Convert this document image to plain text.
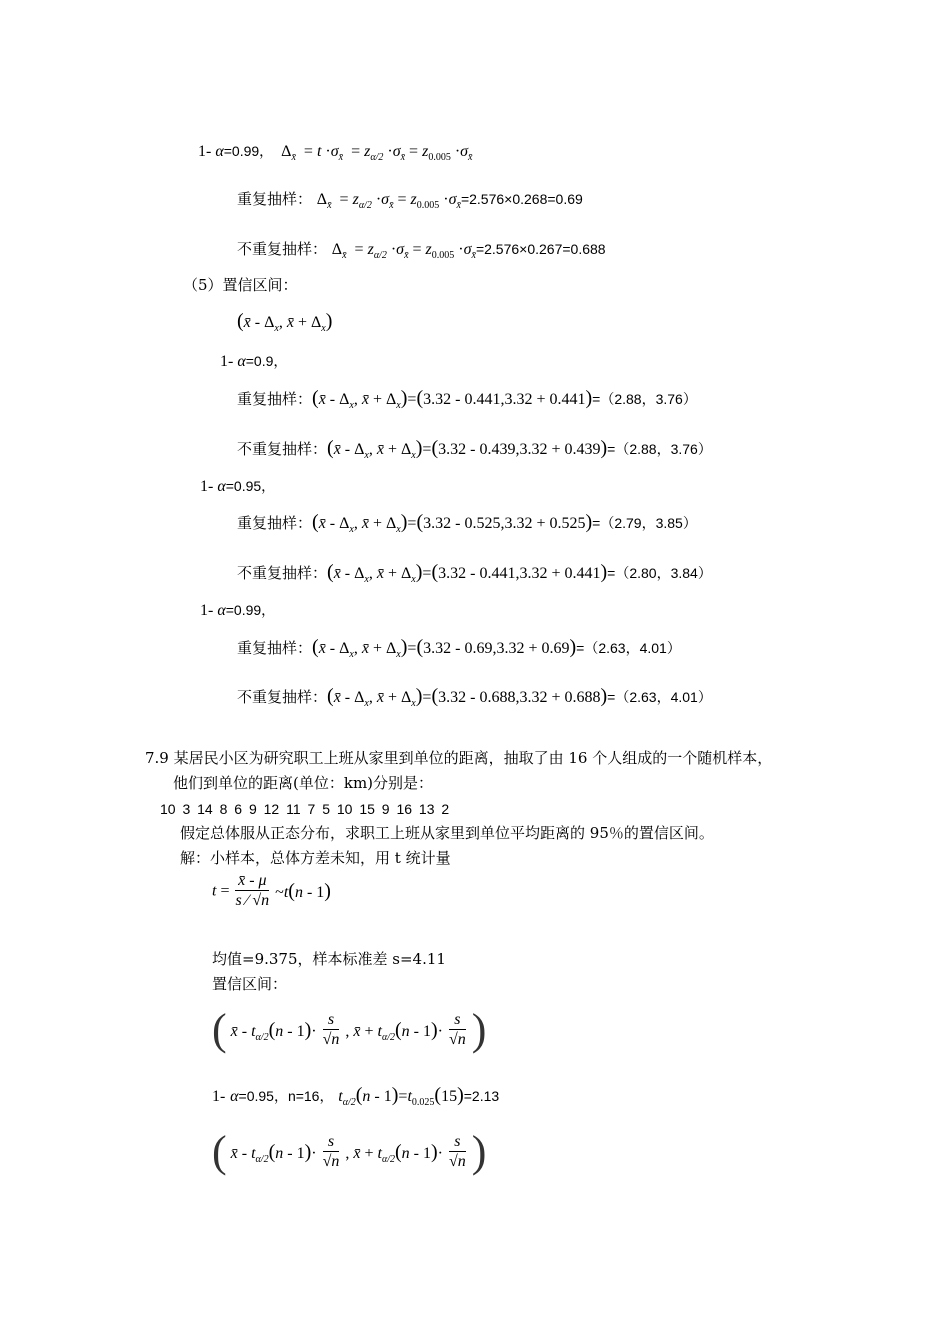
1- α=0.99，  $\Delta_{x̄} = t \cdot\sigma_{x̄} = z_{\alpha/2} \cdot\sigma_{x̄} = z_{0.005} \cdot\sigma_{x̄}$
重复抽样： $\Delta_{x̄} = z_{\alpha/2} \cdot\sigma_{x̄} = z_{0.005} \cdot\sigma_{x̄}=2.576\times 0.268=0.69$
不重复抽样： $\Delta_{x̄} = z_{\alpha/2} \cdot\sigma_{x̄} = z_{0.005} \cdot\sigma_{x̄}=2.576\times 0.267=0.688$
（5）置信区间：
(x̄ - $\Delta_x$, x̄ + $\Delta_x$)
1- α=0.9，
重复抽样：(x̄ - $\Delta_x$, x̄ + $\Delta_x)=(3.32 - 0.441,3.32 + 0.441)=(2.88$，3.76）
不重复抽样：(x̄ - $\Delta_x$, x̄ + $\Delta_x)=(3.32 - 0.439,3.32 + 0.439)=(2.88$，3.76）
1- α=0.95，
重复抽样：(x̄ - $\Delta_x$, x̄ + $\Delta_x)=(3.32 - 0.525,3.32 + 0.525)=(2.79$，3.85）
不重复抽样：(x̄ - $\Delta_x$, x̄ + $\Delta_x)=(3.32 - 0.441,3.32 + 0.441)=(2.80$，3.84）
1- α=0.99，
重复抽样：(x̄ - $\Delta_x$, x̄ + $\Delta_x)=(3.32 - 0.69,3.32 + 0.69)=(2.63$，4.01）
不重复抽样：(x̄ - $\Delta_x$, x̄ + $\Delta_x)=(3.32 - 0.688,3.32 + 0.688)=(2.63$，4.01）
7.9 某居民小区为研究职工上班从家里到单位的距离，抽取了由 16 个人组成的一个随机样本，
他们到单位的距离(单位：km)分别是：
10 3 14 8 6 9 12 11 7 5 10 15 9 16 13 2
假定总体服从正态分布，求职工上班从家里到单位平均距离的 95％的置信区间。
解：小样本，总体方差未知，用 t 统计量
$t = \frac{x̄ - \mu}{s ⁄ √n}$ ~t(n - 1)
均值=9.375，样本标准差 s=4.11
置信区间：
( x̄ - $t_{\alpha/2}(n - 1)\cdot \frac{s}{√n}$ , x̄ + $t_{\alpha/2}(n - 1)\cdot \frac{s}{√n}$ )
1- α=0.95，n=16， $t_{\alpha/2}(n - 1)=t_{0.025}(15)=2.13$
( x̄ - $t_{\alpha/2}(n - 1)\cdot \frac{s}{√n}$ , x̄ + $t_{\alpha/2}(n - 1)\cdot \frac{s}{√n}$ )
